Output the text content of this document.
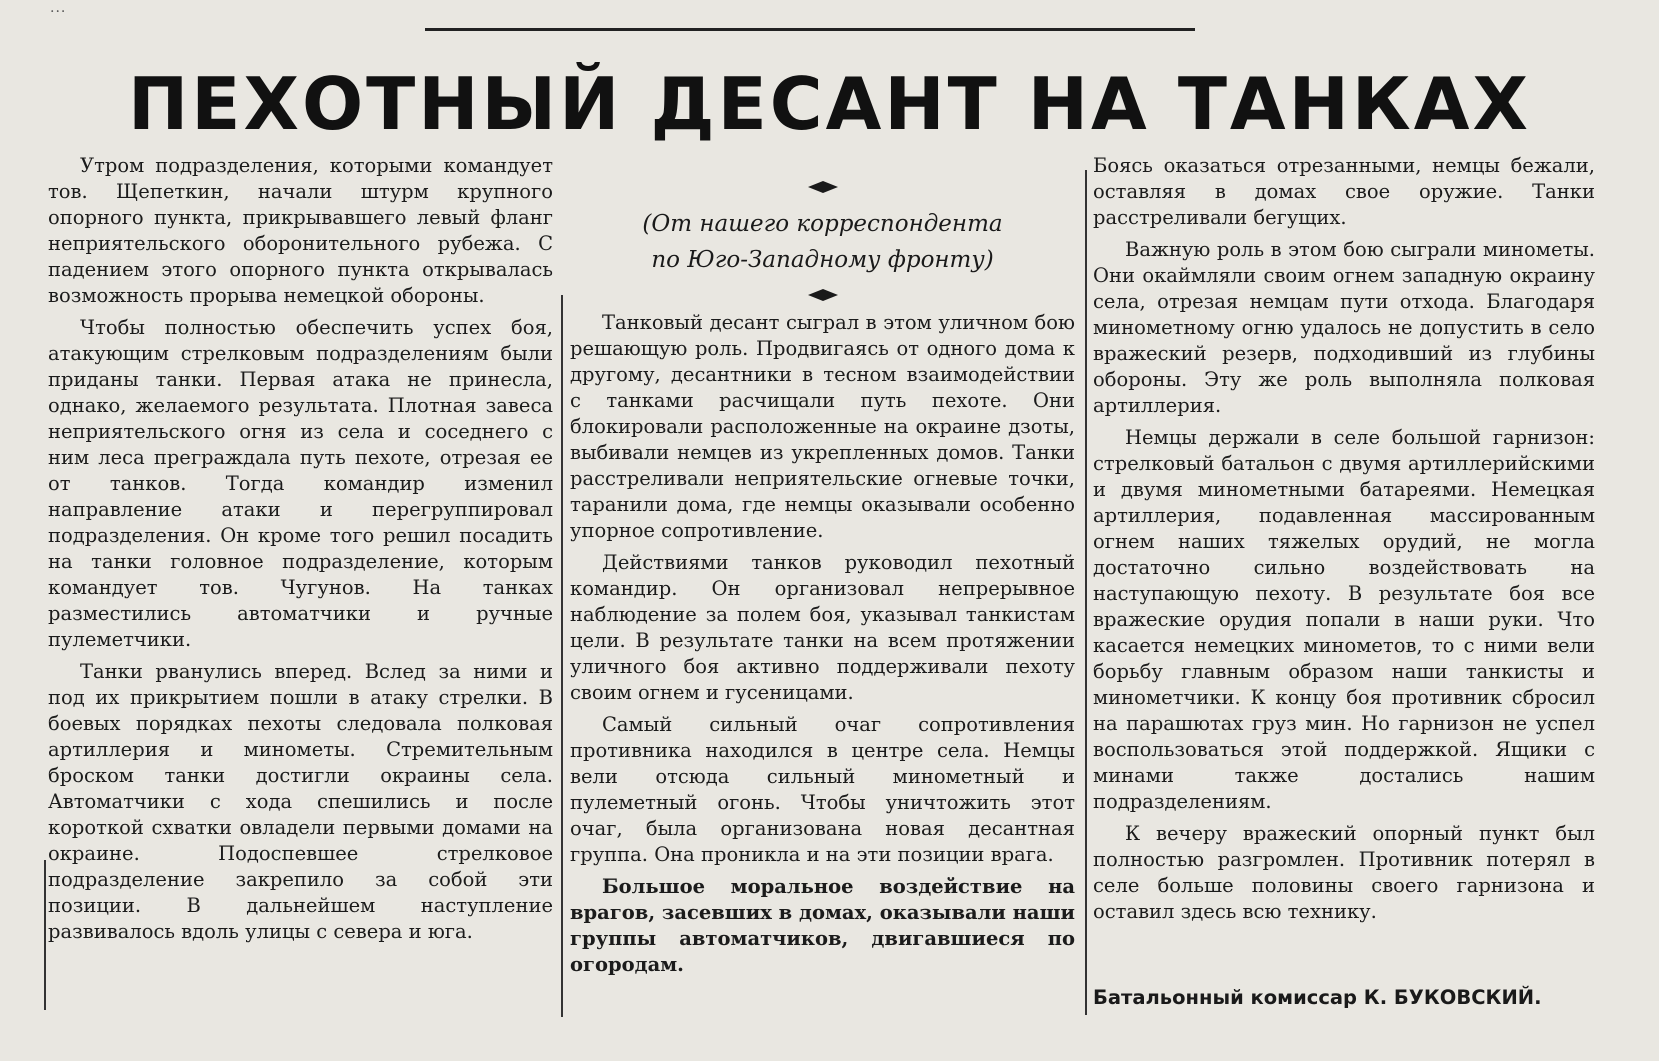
...
ПЕХОТНЫЙ ДЕСАНТ НА ТАНКАХ
(От нашего корреспондента
по Юго-Западному фронту)

Утром подразделения, которыми командует тов. Щепеткин, начали штурм крупного опорного пункта, прикрывавшего левый фланг неприятельского оборонительного рубежа. С падением этого опорного пункта открывалась возможность прорыва немецкой обороны.

Чтобы полностью обеспечить успех боя, атакующим стрелковым подразделениям были приданы танки. Первая атака не принесла, однако, желаемого результата. Плотная завеса неприятельского огня из села и соседнего с ним леса преграждала путь пехоте, отрезая ее от танков. Тогда командир изменил направление атаки и перегруппировал подразделения. Он кроме того решил посадить на танки головное подразделение, которым командует тов. Чугунов. На танках разместились автоматчики и ручные пулеметчики.

Танки рванулись вперед. Вслед за ними и под их прикрытием пошли в атаку стрелки. В боевых порядках пехоты следовала полковая артиллерия и минометы. Стремительным броском танки достигли окраины села. Автоматчики с хода спешились и после короткой схватки овладели первыми домами на окраине. Подоспевшее стрелковое подразделение закрепило за собой эти позиции. В дальнейшем наступление развивалось вдоль улицы с севера и юга.

Танковый десант сыграл в этом уличном бою решающую роль. Продвигаясь от одного дома к другому, десантники в тесном взаимодействии с танками расчищали путь пехоте. Они блокировали расположенные на окраине дзоты, выбивали немцев из укрепленных домов. Танки расстреливали неприятельские огневые точки, таранили дома, где немцы оказывали особенно упорное сопротивление.

Действиями танков руководил пехотный командир. Он организовал непрерывное наблюдение за полем боя, указывал танкистам цели. В результате танки на всем протяжении уличного боя активно поддерживали пехоту своим огнем и гусеницами.

Самый сильный очаг сопротивления противника находился в центре села. Немцы вели отсюда сильный минометный и пулеметный огонь. Чтобы уничтожить этот очаг, была организована новая десантная группа. Она проникла и на эти позиции врага.

Большое моральное воздействие на врагов, засевших в домах, оказывали наши группы автоматчиков, двигавшиеся по огородам.

Боясь оказаться отрезанными, немцы бежали, оставляя в домах свое оружие. Танки расстреливали бегущих.

Важную роль в этом бою сыграли минометы. Они окаймляли своим огнем западную окраину села, отрезая немцам пути отхода. Благодаря минометному огню удалось не допустить в село вражеский резерв, подходивший из глубины обороны. Эту же роль выполняла полковая артиллерия.

Немцы держали в селе большой гарнизон: стрелковый батальон с двумя артиллерийскими и двумя минометными батареями. Немецкая артиллерия, подавленная массированным огнем наших тяжелых орудий, не могла достаточно сильно воздействовать на наступающую пехоту. В результате боя все вражеские орудия попали в наши руки. Что касается немецких минометов, то с ними вели борьбу главным образом наши танкисты и минометчики. К концу боя противник сбросил на парашютах груз мин. Но гарнизон не успел воспользоваться этой поддержкой. Ящики с минами также достались нашим подразделениям.

К вечеру вражеский опорный пункт был полностью разгромлен. Противник потерял в селе больше половины своего гарнизона и оставил здесь всю технику.

Батальонный комиссар К. БУКОВСКИЙ.
